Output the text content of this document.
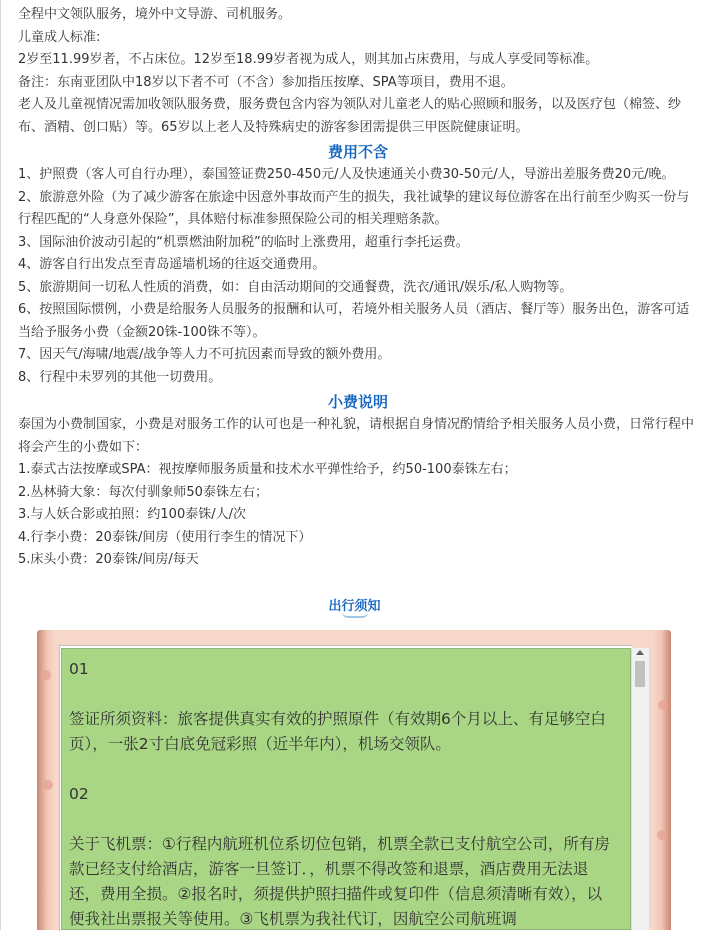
全程中文领队服务，境外中文导游、司机服务。

儿童成人标准:

2岁至11.99岁者，不占床位。12岁至18.99岁者视为成人，则其加占床费用，与成人享受同等标准。

备注：东南亚团队中18岁以下者不可（不含）参加指压按摩、SPA等项目，费用不退。

老人及儿童视情况需加收领队服务费，服务费包含内容为领队对儿童老人的贴心照顾和服务，以及医疗包（棉签、纱布、酒精、创口贴）等。65岁以上老人及特殊病史的游客参团需提供三甲医院健康证明。

费用不含

1、护照费（客人可自行办理），泰国签证费250-450元/人及快速通关小费30-50元/人，导游出差服务费20元/晚。

2、旅游意外险（为了减少游客在旅途中因意外事故而产生的损失，我社诚挚的建议每位游客在出行前至少购买一份与行程匹配的“人身意外保险”，具体赔付标准参照保险公司的相关理赔条款。

3、国际油价波动引起的“机票燃油附加税”的临时上涨费用，超重行李托运费。

4、游客自行出发点至青岛遥墙机场的往返交通费用。

5、旅游期间一切私人性质的消费，如：自由活动期间的交通餐费，洗衣/通讯/娱乐/私人购物等。

6、按照国际惯例，小费是给服务人员服务的报酬和认可，若境外相关服务人员（酒店、餐厅等）服务出色，游客可适当给予服务小费（金额20铢-100铢不等）。

7、因天气/海啸/地震/战争等人力不可抗因素而导致的额外费用。

8、行程中未罗列的其他一切费用。

小费说明

泰国为小费制国家，小费是对服务工作的认可也是一种礼貌，请根据自身情况酌情给予相关服务人员小费，日常行程中将会产生的小费如下：

1.泰式古法按摩或SPA：视按摩师服务质量和技术水平弹性给予，约50-100泰铢左右；

2.丛林骑大象：每次付驯象师50泰铢左右；

3.与人妖合影或拍照：约100泰铢/人/次

4.行李小费：20泰铢/间房（使用行李生的情况下）

5.床头小费：20泰铢/间房/每天

出行须知

01

签证所须资料：旅客提供真实有效的护照原件（有效期6个月以上、有足够空白页），一张2寸白底免冠彩照（近半年内），机场交领队。

02

关于飞机票：①行程内航班机位系切位包销，机票全款已支付航空公司，所有房款已经支付给酒店，游客一旦签订．，机票不得改签和退票，酒店费用无法退还，费用全损。②报名时，须提供护照扫描件或复印件（信息须清晰有效），以便我社出票报关等使用。③飞机票为我社代订，因航空公司航班调
